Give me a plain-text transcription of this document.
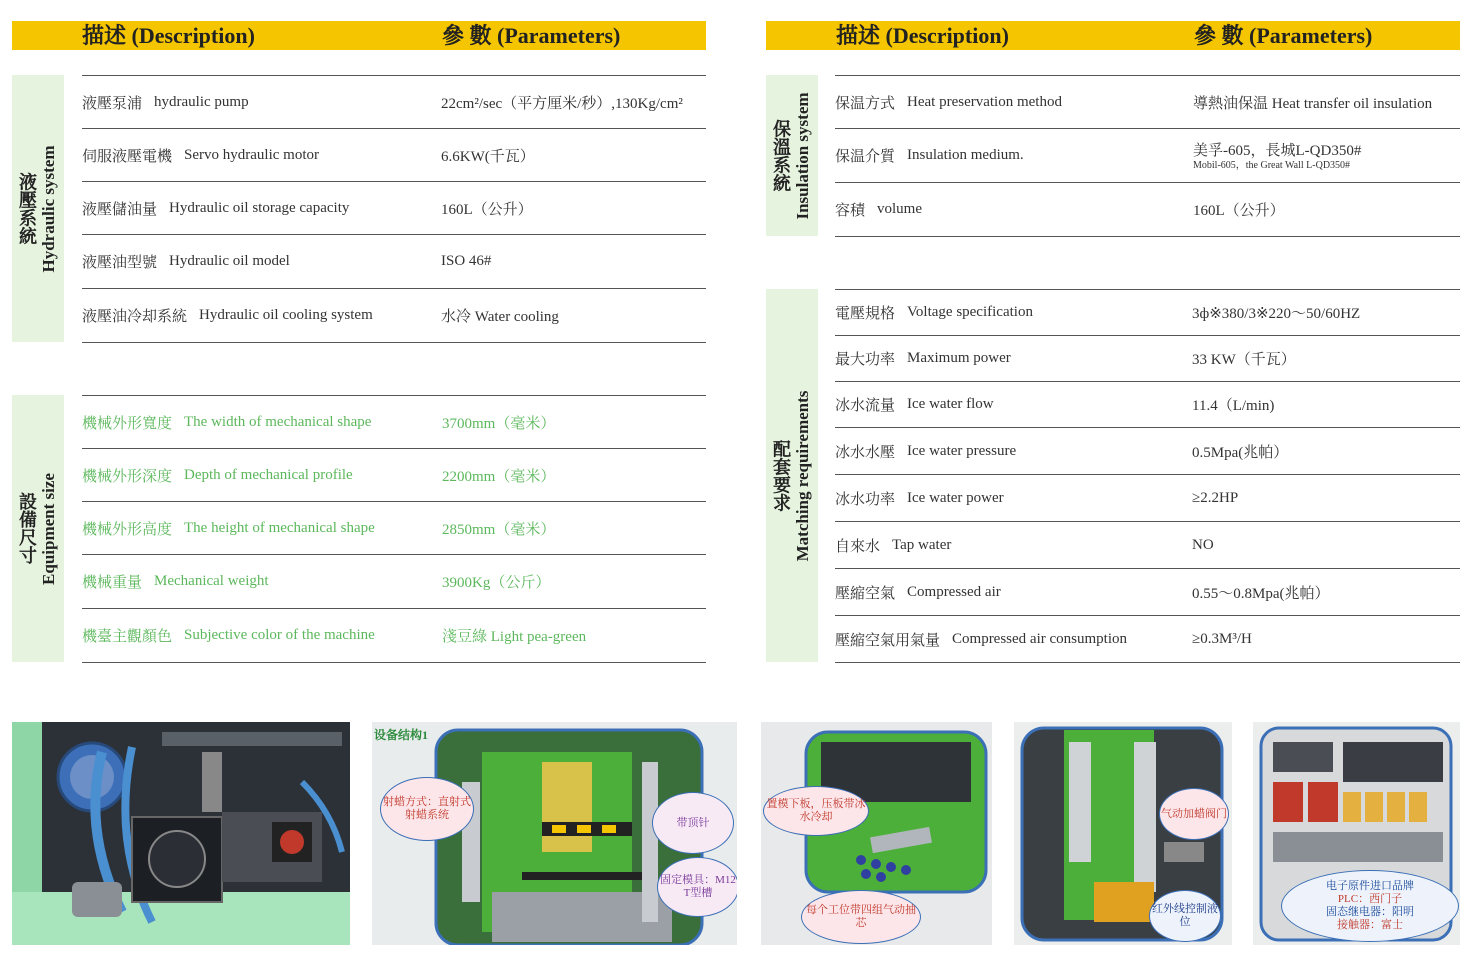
描述 (Description)	參 數 (Parameters)	描述 (Description)	參 數 (Parameters)
液壓系統 Hydraulic system
液壓泵浦 hydraulic pump	22cm²/sec（平方厘米/秒）,130Kg/cm²
伺服液壓電機 Servo hydraulic motor	6.6KW(千瓦）
液壓儲油量 Hydraulic oil storage capacity	160L（公升）
液壓油型號 Hydraulic oil model	ISO 46#
液壓油冷却系統 Hydraulic oil cooling system	水冷 Water cooling
設備尺寸 Equipment size
機械外形寬度 The width of mechanical shape	3700mm（毫米）
機械外形深度 Depth of mechanical profile	2200mm（毫米）
機械外形高度 The height of mechanical shape	2850mm（毫米）
機械重量 Mechanical weight	3900Kg（公斤）
機臺主觀顏色 Subjective color of the machine	淺豆綠 Light pea-green
保溫系統 Insulation system 保温方式 Heat preservation method	導熱油保温 Heat transfer oil insulation
保温介質 Insulation medium.	美孚-605，長城L-QD350#
Mobil-605，the Great Wall L-QD350#
容積 volume	160L（公升）
配套要求 Matching requirements
電壓規格 Voltage specification	3ф※380/3※220～50/60HZ
最大功率 Maximum power	33 KW（千瓦）
冰水流量 Ice water flow	11.4（L/min)
冰水水壓 Ice water pressure	0.5Mpa(兆帕）
冰水功率 Ice water power	≥2.2HP
自來水 Tap water	NO
壓縮空氣 Compressed air	0.55～0.8Mpa(兆帕）
壓縮空氣用氣量 Compressed air consumption	≥0.3M³/H
设备结构1
射蜡方式：直射式射蜡系统
带顶针
固定模具：M12 T型槽
置模下板，压板带冰水冷却
每个工位带四组气动抽芯
气动加蜡阀门
红外线控制液位
电子原件进口品牌
PLC：西门子
固态继电器：阳明
接触器：富士
